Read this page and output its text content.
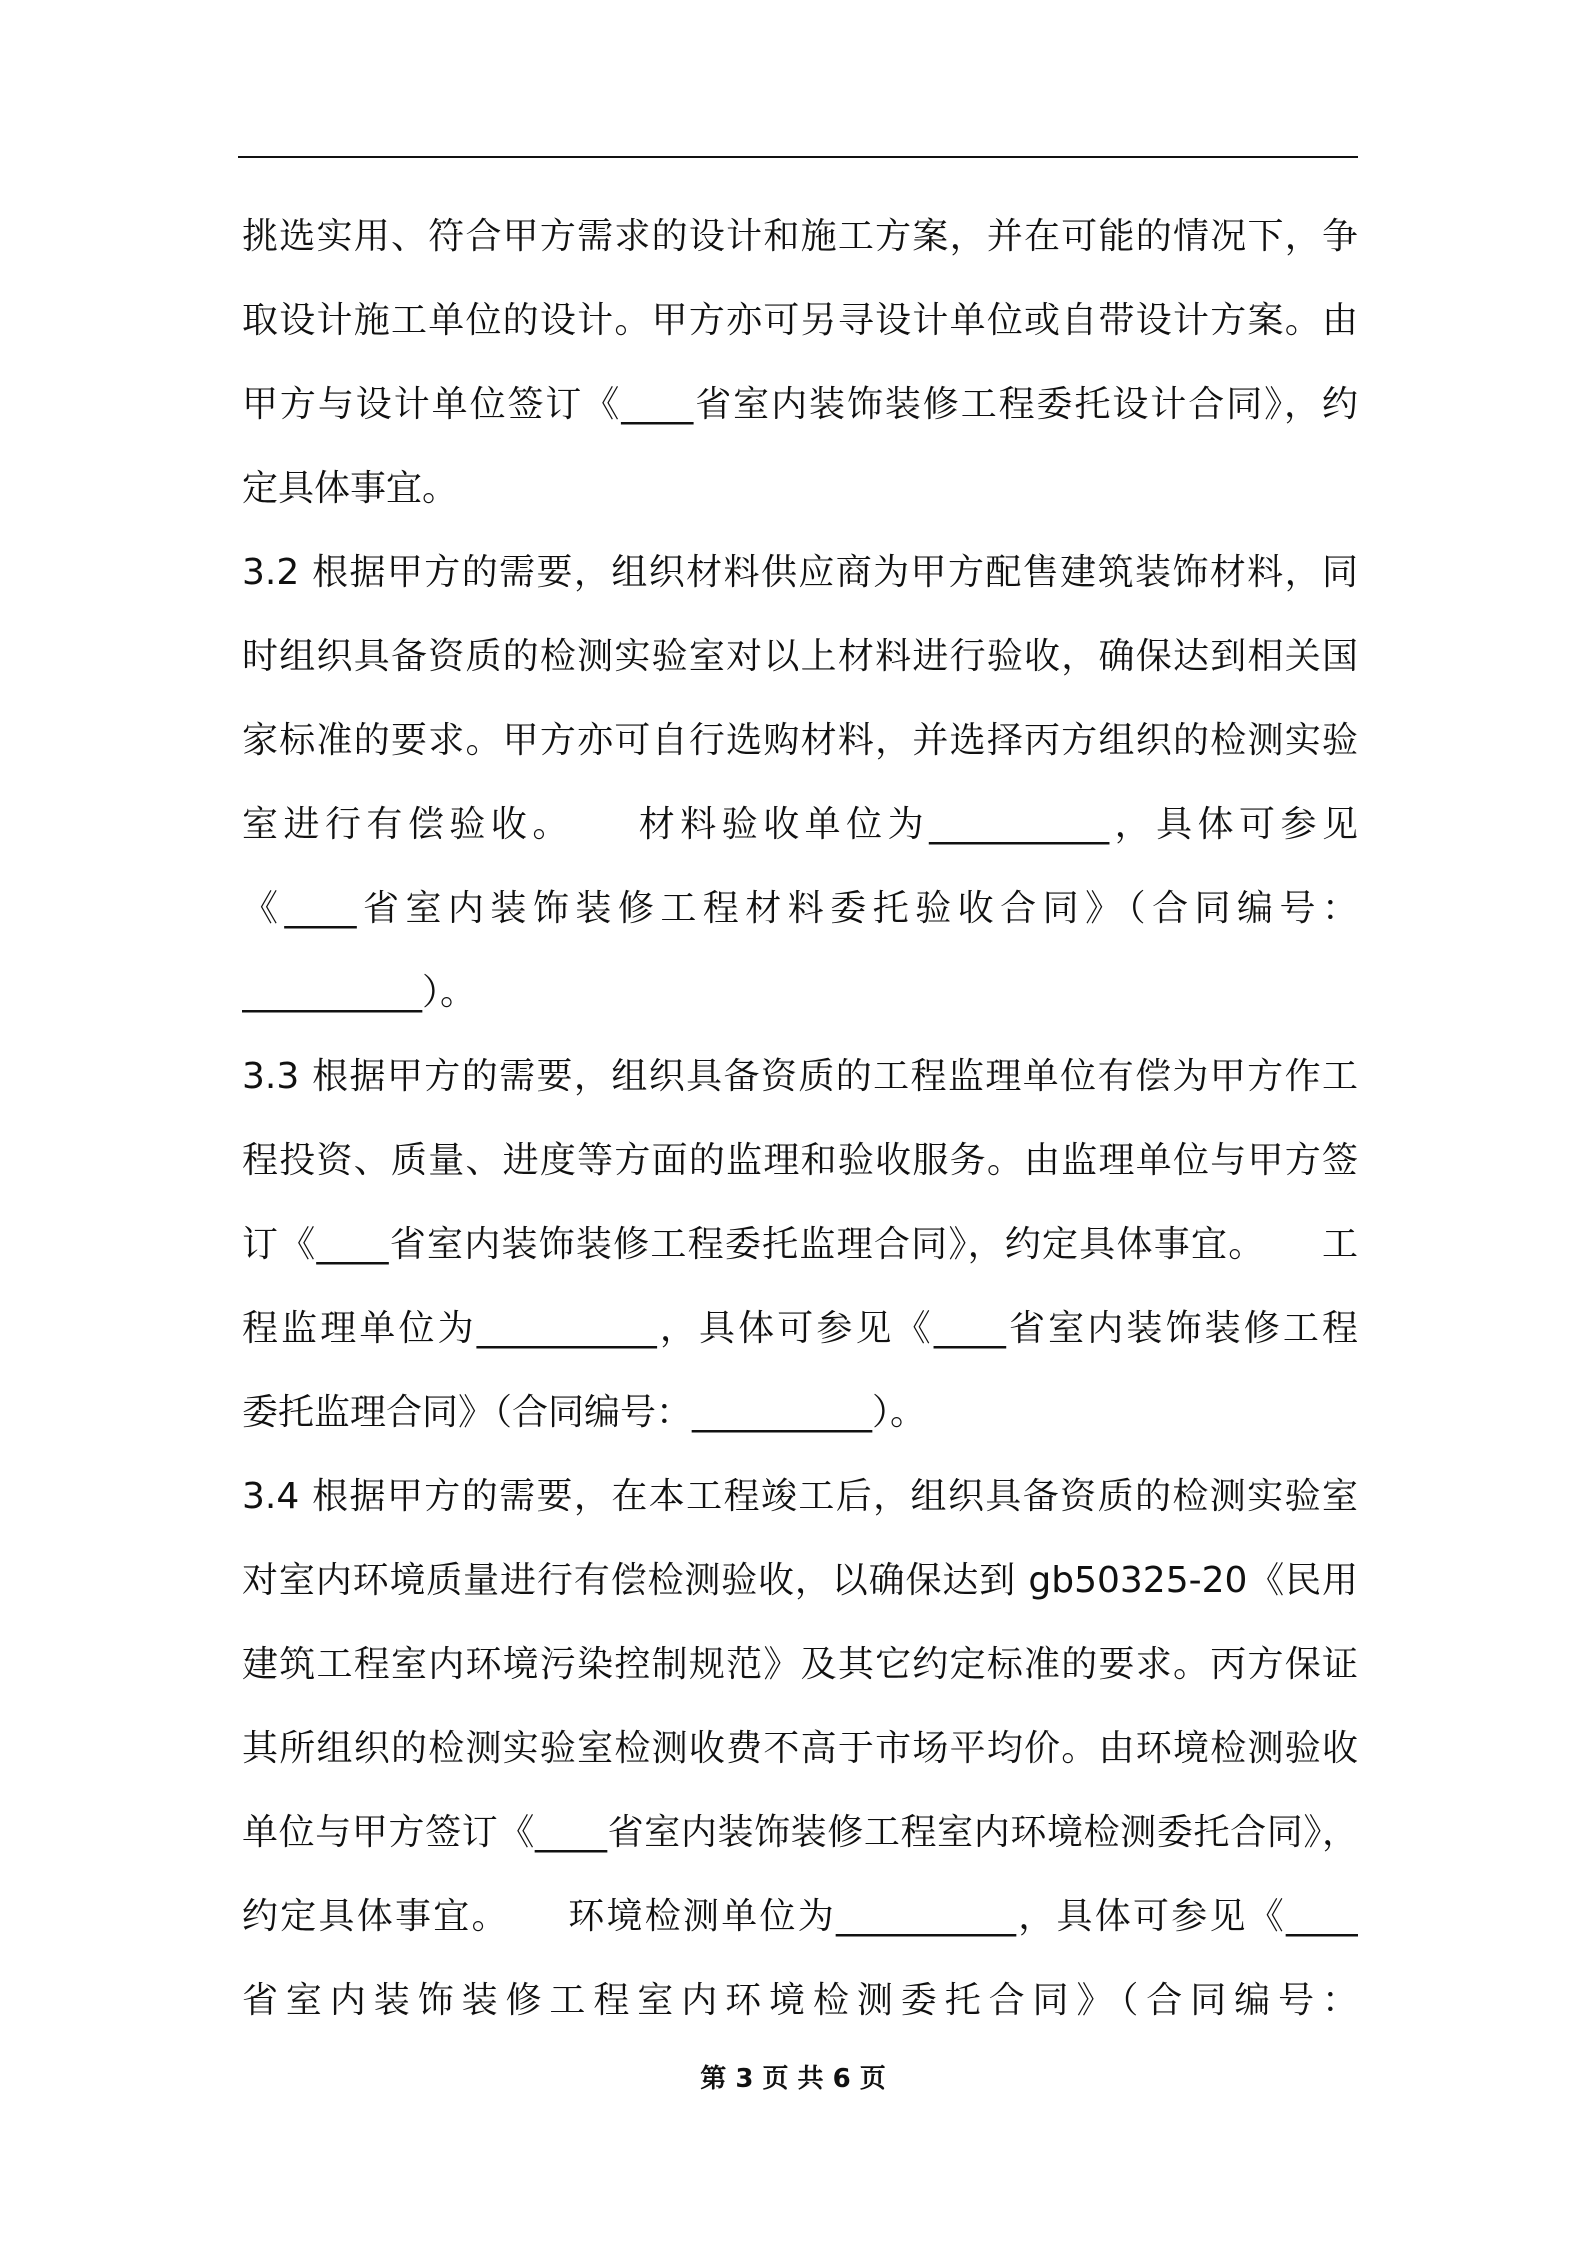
挑选实用、符合甲方需求的设计和施工方案，并在可能的情况下，争
取设计施工单位的设计。甲方亦可另寻设计单位或自带设计方案。由
甲方与设计单位签订《____省室内装饰装修工程委托设计合同》，约
定具体事宜。
3.2 根据甲方的需要，组织材料供应商为甲方配售建筑装饰材料，同
时组织具备资质的检测实验室对以上材料进行验收，确保达到相关国
家标准的要求。甲方亦可自行选购材料，并选择丙方组织的检测实验
室进行有偿验收。　　材料验收单位为__________，具体可参见
《____省室内装饰装修工程材料委托验收合同》（合同编号：
__________）。
3.3 根据甲方的需要，组织具备资质的工程监理单位有偿为甲方作工
程投资、质量、进度等方面的监理和验收服务。由监理单位与甲方签
订《____省室内装饰装修工程委托监理合同》，约定具体事宜。　　工
程监理单位为__________，具体可参见《____省室内装饰装修工程
委托监理合同》（合同编号：__________）。
3.4 根据甲方的需要，在本工程竣工后，组织具备资质的检测实验室
对室内环境质量进行有偿检测验收，以确保达到 gb50325-20《民用
建筑工程室内环境污染控制规范》及其它约定标准的要求。丙方保证
其所组织的检测实验室检测收费不高于市场平均价。由环境检测验收
单位与甲方签订《____省室内装饰装修工程室内环境检测委托合同》，
约定具体事宜。　　环境检测单位为__________，具体可参见《____
省室内装饰装修工程室内环境检测委托合同》（合同编号：
第 3 页 共 6 页
